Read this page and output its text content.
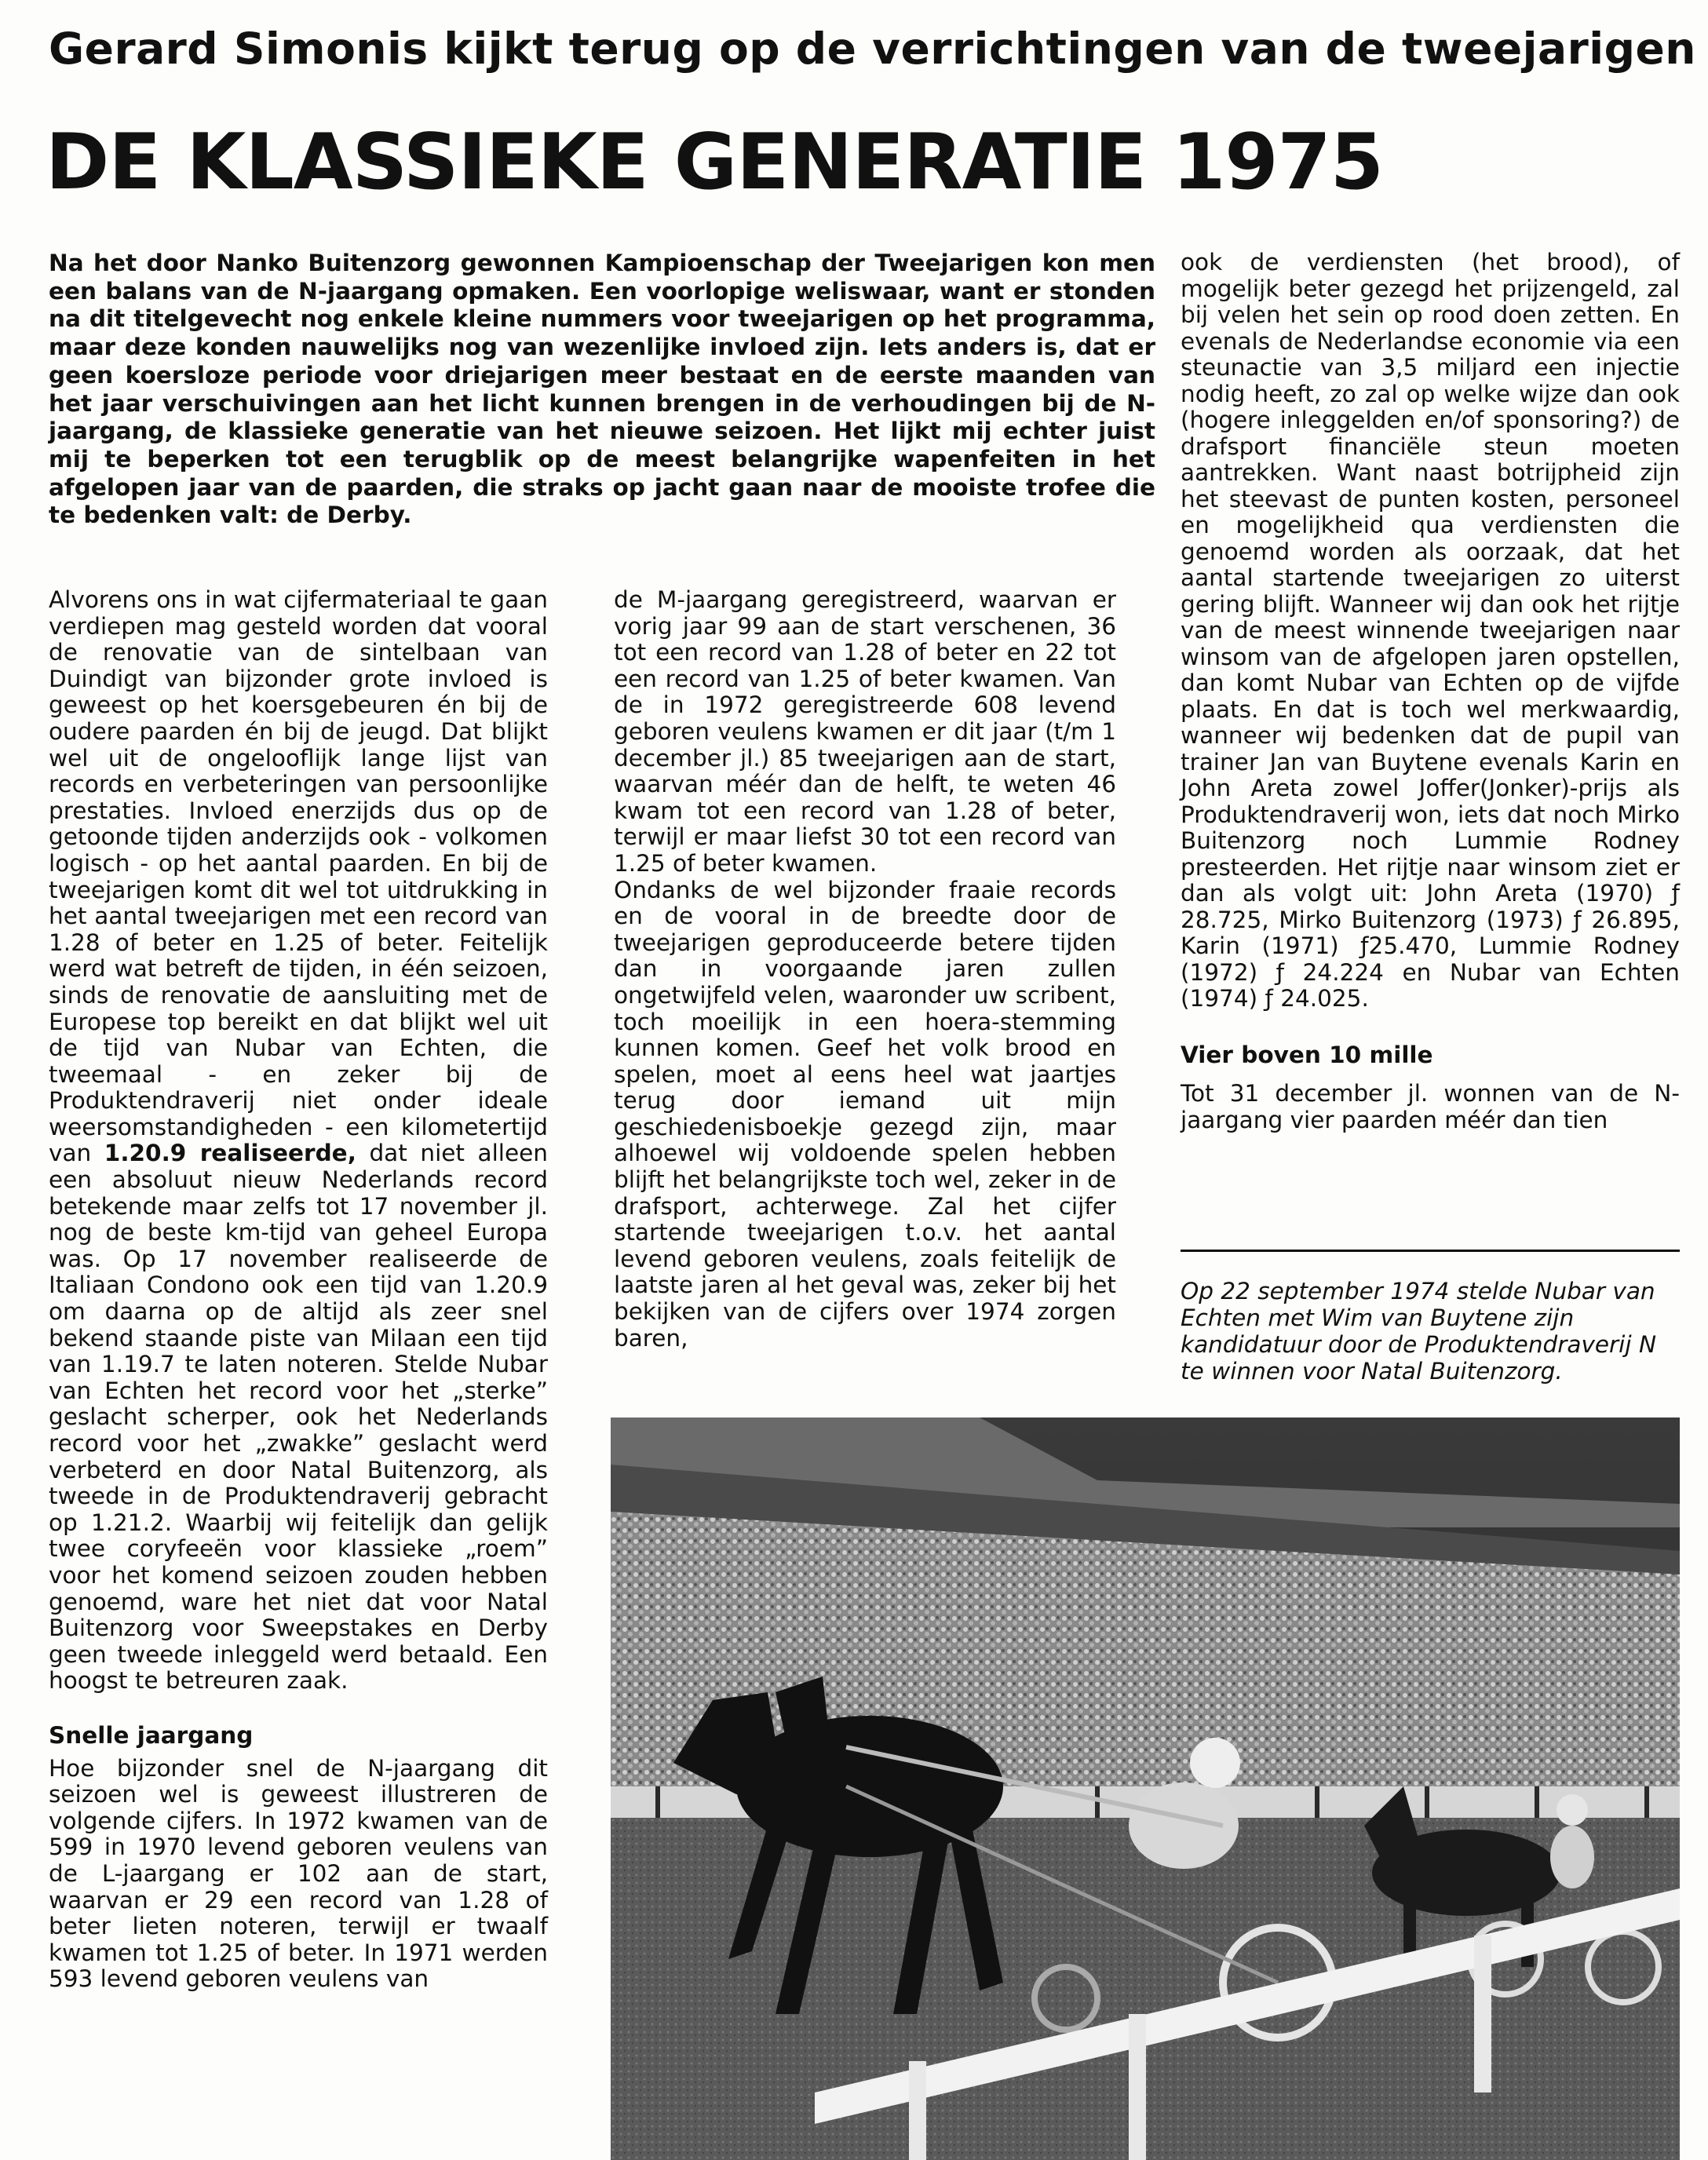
Gerard Simonis kijkt terug op de verrichtingen van de tweejarigen
DE KLASSIEKE GENERATIE 1975

Na het door Nanko Buitenzorg gewonnen Kampioenschap der Tweejarigen kon men een balans van de N-jaargang opmaken. Een voorlopige weliswaar, want er stonden na dit titelgevecht nog enkele kleine nummers voor tweejarigen op het programma, maar deze konden nauwelijks nog van wezenlijke invloed zijn. Iets anders is, dat er geen koersloze periode voor driejarigen meer bestaat en de eerste maanden van het jaar verschuivingen aan het licht kunnen brengen in de verhoudingen bij de N-jaargang, de klassieke generatie van het nieuwe seizoen. Het lijkt mij echter juist mij te beperken tot een terugblik op de meest belangrijke wapenfeiten in het afgelopen jaar van de paarden, die straks op jacht gaan naar de mooiste trofee die te bedenken valt: de Derby.

Alvorens ons in wat cijfermateriaal te gaan verdiepen mag gesteld worden dat vooral de renovatie van de sintelbaan van Duindigt van bijzonder grote invloed is geweest op het koersgebeuren én bij de oudere paarden én bij de jeugd. Dat blijkt wel uit de ongelooflijk lange lijst van records en verbeteringen van persoonlijke prestaties. Invloed enerzijds dus op de getoonde tijden anderzijds ook - volkomen logisch - op het aantal paarden. En bij de tweejarigen komt dit wel tot uitdrukking in het aantal tweejarigen met een record van 1.28 of beter en 1.25 of beter. Feitelijk werd wat betreft de tijden, in één seizoen, sinds de renovatie de aansluiting met de Europese top bereikt en dat blijkt wel uit de tijd van Nubar van Echten, die tweemaal - en zeker bij de Produktendraverij niet onder ideale weersomstandigheden - een kilometertijd van 1.20.9 realiseerde, dat niet alleen een absoluut nieuw Nederlands record betekende maar zelfs tot 17 november jl. nog de beste km-tijd van geheel Europa was. Op 17 november realiseerde de Italiaan Condono ook een tijd van 1.20.9 om daarna op de altijd als zeer snel bekend staande piste van Milaan een tijd van 1.19.7 te laten noteren. Stelde Nubar van Echten het record voor het „sterke” geslacht scherper, ook het Nederlands record voor het „zwakke” geslacht werd verbeterd en door Natal Buitenzorg, als tweede in de Produktendraverij gebracht op 1.21.2. Waarbij wij feitelijk dan gelijk twee coryfeeën voor klassieke „roem” voor het komend seizoen zouden hebben genoemd, ware het niet dat voor Natal Buitenzorg voor Sweepstakes en Derby geen tweede inleggeld werd betaald. Een hoogst te betreuren zaak.

Snelle jaargang

Hoe bijzonder snel de N-jaargang dit seizoen wel is geweest illustreren de volgende cijfers. In 1972 kwamen van de 599 in 1970 levend geboren veulens van de L-jaargang er 102 aan de start, waarvan er 29 een record van 1.28 of beter lieten noteren, terwijl er twaalf kwamen tot 1.25 of beter. In 1971 werden 593 levend geboren veulens van

de M-jaargang geregistreerd, waarvan er vorig jaar 99 aan de start verschenen, 36 tot een record van 1.28 of beter en 22 tot een record van 1.25 of beter kwamen. Van de in 1972 geregistreerde 608 levend geboren veulens kwamen er dit jaar (t/m 1 december jl.) 85 tweejarigen aan de start, waarvan méér dan de helft, te weten 46 kwam tot een record van 1.28 of beter, terwijl er maar liefst 30 tot een record van 1.25 of beter kwamen.

Ondanks de wel bijzonder fraaie records en de vooral in de breedte door de tweejarigen geproduceerde betere tijden dan in voorgaande jaren zullen ongetwijfeld velen, waaronder uw scribent, toch moeilijk in een hoera-stemming kunnen komen. Geef het volk brood en spelen, moet al eens heel wat jaartjes terug door iemand uit mijn geschiedenisboekje gezegd zijn, maar alhoewel wij voldoende spelen hebben blijft het belangrijkste toch wel, zeker in de drafsport, achterwege. Zal het cijfer startende tweejarigen t.o.v. het aantal levend geboren veulens, zoals feitelijk de laatste jaren al het geval was, zeker bij het bekijken van de cijfers over 1974 zorgen baren,

ook de verdiensten (het brood), of mogelijk beter gezegd het prijzengeld, zal bij velen het sein op rood doen zetten. En evenals de Nederlandse economie via een steunactie van 3,5 miljard een injectie nodig heeft, zo zal op welke wijze dan ook (hogere inleggelden en/of sponsoring?) de drafsport financiële steun moeten aantrekken. Want naast botrijpheid zijn het steevast de punten kosten, personeel en mogelijkheid qua verdiensten die genoemd worden als oorzaak, dat het aantal startende tweejarigen zo uiterst gering blijft. Wanneer wij dan ook het rijtje van de meest winnende tweejarigen naar winsom van de afgelopen jaren opstellen, dan komt Nubar van Echten op de vijfde plaats. En dat is toch wel merkwaardig, wanneer wij bedenken dat de pupil van trainer Jan van Buytene evenals Karin en John Areta zowel Joffer(Jonker)-prijs als Produktendraverij won, iets dat noch Mirko Buitenzorg noch Lummie Rodney presteerden. Het rijtje naar winsom ziet er dan als volgt uit: John Areta (1970) ƒ 28.725, Mirko Buitenzorg (1973) ƒ 26.895, Karin (1971) ƒ25.470, Lummie Rodney (1972) ƒ 24.224 en Nubar van Echten (1974) ƒ 24.025.

Vier boven 10 mille

Tot 31 december jl. wonnen van de N-jaargang vier paarden méér dan tien

Op 22 september 1974 stelde Nubar van Echten met Wim van Buytene zijn kandidatuur door de Produktendraverij N te winnen voor Natal Buitenzorg.
